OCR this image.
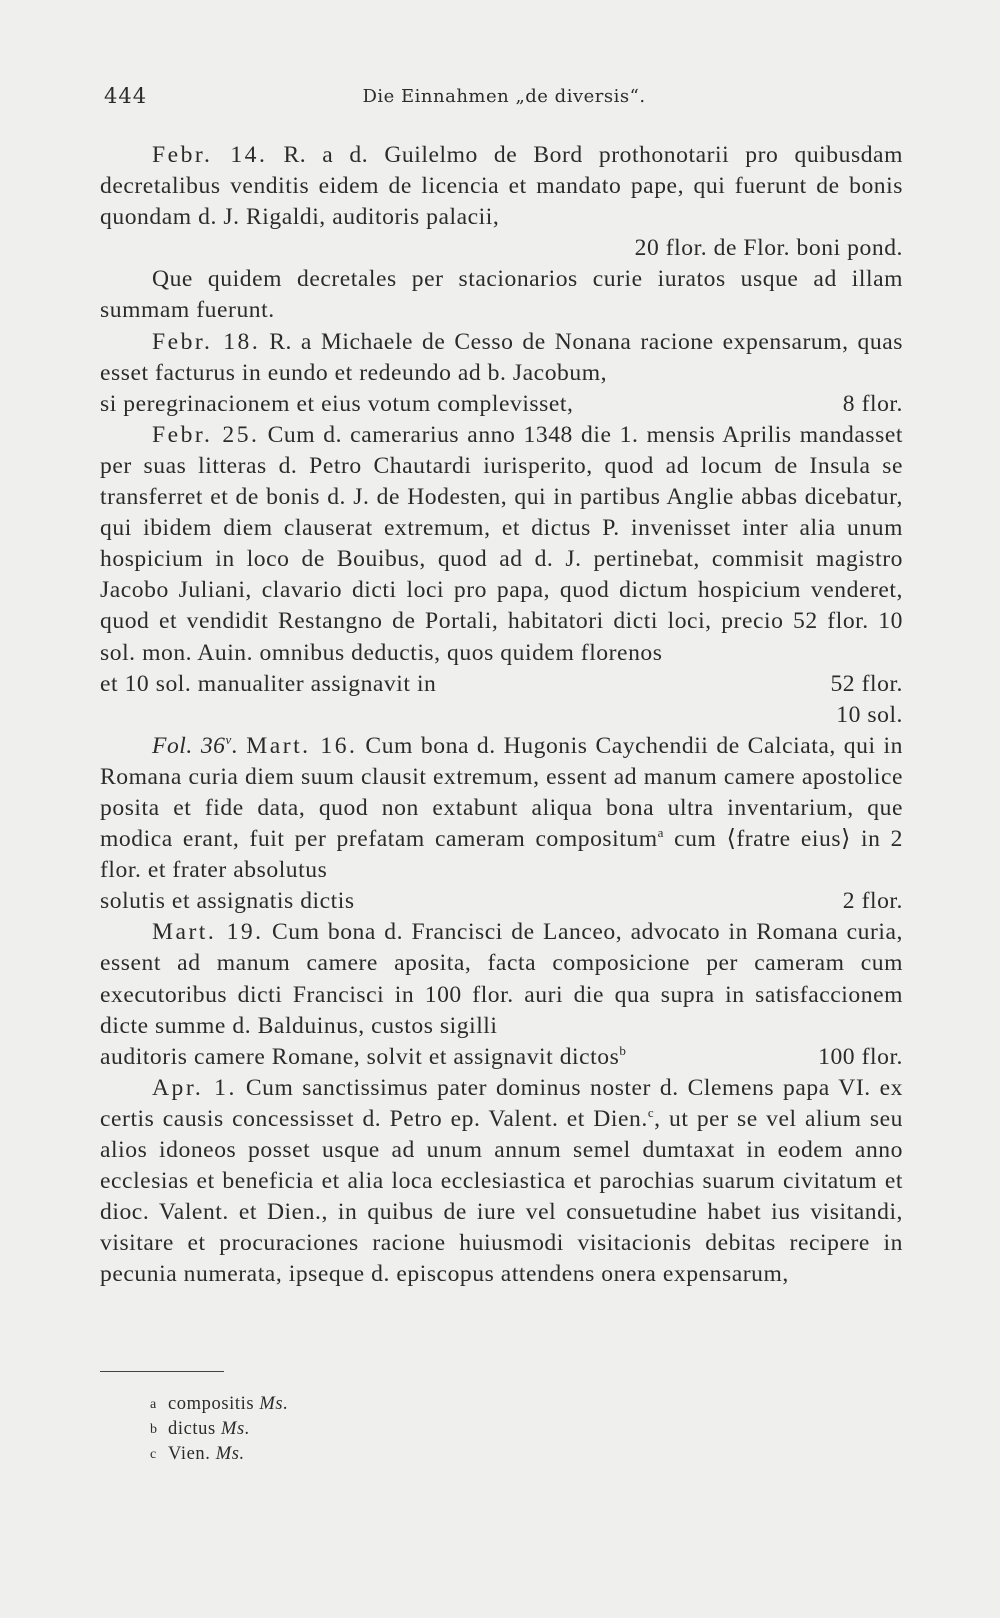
444	Die Einnahmen „de diversis“.

Febr. 14. R. a d. Guilelmo de Bord prothonotarii pro quibusdam decretalibus venditis eidem de licencia et mandato pape, qui fuerunt de bonis quondam d. J. Rigaldi, auditoris palacii,

20 flor. de Flor. boni pond.

Que quidem decretales per stacionarios curie iuratos usque ad illam summam fuerunt.

Febr. 18. R. a Michaele de Cesso de Nonana racione expensarum, quas esset facturus in eundo et redeundo ad b. Jacobum,

si peregrinacionem et eius votum complevisset,	8 flor.

Febr. 25. Cum d. camerarius anno 1348 die 1. mensis Aprilis mandasset per suas litteras d. Petro Chautardi iurisperito, quod ad locum de Insula se transferret et de bonis d. J. de Hodesten, qui in partibus Anglie abbas dicebatur, qui ibidem diem clauserat extremum, et dictus P. invenisset inter alia unum hospicium in loco de Bouibus, quod ad d. J. pertinebat, commisit magistro Jacobo Juliani, clavario dicti loci pro papa, quod dictum hospicium venderet, quod et vendidit Restangno de Portali, habitatori dicti loci, precio 52 flor. 10 sol. mon. Auin. omnibus deductis, quos quidem florenos

et 10 sol. manualiter assignavit in	52 flor.
10 sol.

Fol. 36$^v$. Mart. 16. Cum bona d. Hugonis Caychendii de Calciata, qui in Romana curia diem suum clausit extremum, essent ad manum camere apostolice posita et fide data, quod non extabunt aliqua bona ultra inventarium, que modica erant, fuit per prefatam cameram compositum$^a$ cum ⟨fratre eius⟩ in 2 flor. et frater absolutus

solutis et assignatis dictis	2 flor.

Mart. 19. Cum bona d. Francisci de Lanceo, advocato in Romana curia, essent ad manum camere aposita, facta composicione per cameram cum executoribus dicti Francisci in 100 flor. auri die qua supra in satisfaccionem dicte summe d. Balduinus, custos sigilli

auditoris camere Romane, solvit et assignavit dictos$^b$	100 flor.

Apr. 1. Cum sanctissimus pater dominus noster d. Clemens papa VI. ex certis causis concessisset d. Petro ep. Valent. et Dien.$^c$, ut per se vel alium seu alios idoneos posset usque ad unum annum semel dumtaxat in eodem anno ecclesias et beneficia et alia loca ecclesiastica et parochias suarum civitatum et dioc. Valent. et Dien., in quibus de iure vel consuetudine habet ius visitandi, visitare et procuraciones racione huiusmodi visitacionis debitas recipere in pecunia numerata, ipseque d. episcopus attendens onera expensarum,

a compositis
Ms.
b dictus
Ms.
c Vien.
Ms.
